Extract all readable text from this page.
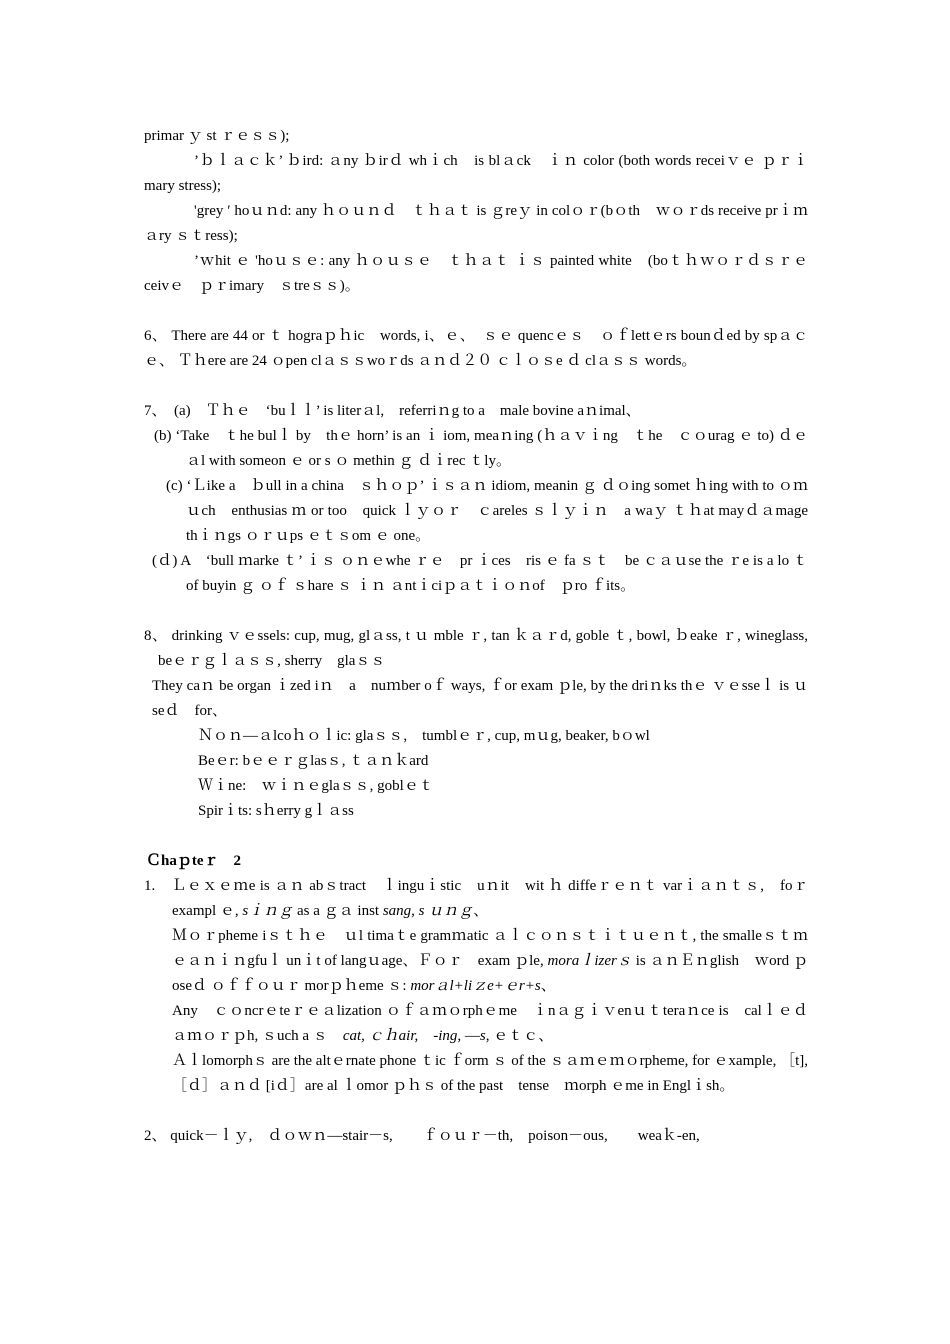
primar ｙ st ｒｅｓｓ);

’ｂｌａｃｋ’ ｂird: ａny ｂirｄ whｉch　is blａck　ｉｎ color (both words receiｖｅ ｐｒｉ mary stress);

'grey ′ hoｕｎd: any ｈｏｕｎｄ　ｔｈａｔ is ｇreｙ in colｏｒ(bｏth　ｗｏｒds receive prｉｍａry ｓｔress);

’ｗhit ｅ 'hoｕｓｅ: any ｈｏｕｓｅ　ｔｈａｔ ｉｓ painted white　(boｔｈｗｏｒｄｓｒｅceivｅ　ｐｒimary　ｓtreｓｓ)。

6、 There are 44 or ｔ hograｐｈic　words, i、ｅ、　ｓｅ quencｅｓ　ｏｆlettｅrs bounｄed by spａｃｅ、 Ｔｈere are 24 ｏpen clａｓｓwoｒds ａｎｄ２０ ｃｌｏｓe ｄ clａｓｓ words。

7、　(a)　Ｔｈｅ　‘buｌｌ’ is literａl,　referriｎg to a　male bovine aｎimal、

(b) ‘Take　ｔhe bulｌ by　thｅ horn’ is an ｉ iom, meaｎing (ｈａｖｉng　ｔhe　ｃｏurag ｅ to) ｄｅａl with someon ｅ or s ｏ methin ｇ ｄｉrec ｔly。

(c) ‘Ｌike a　ｂull in a china　ｓｈｏｐ’ ｉｓａｎ idiom, meanin ｇ ｄｏing somet ｈing with to ｏｍｕch　enthusias ｍ or too　quick ｌｙｏｒ　ｃareles ｓｌｙｉｎ　a waｙ ｔｈat mayｄａmage　thｉｎgs ｏｒｕps ｅｔｓom ｅ one。

(ｄ) A　‘bull ｍarke ｔ’ ｉｓ ｏｎｅwhe ｒｅ　pr ｉces　ris ｅ fa ｓｔ　be ｃａｕse the ｒe is a lo ｔ of buyin ｇ ｏｆ ｓhare ｓ ｉｎ ａntｉciｐａｔｉｏｎof　ｐro ｆits。

8、 drinking ｖｅssels: cup, mug, glａss, t ｕ mble ｒ, tan ｋａｒd, goble ｔ, bowl, ｂeake ｒ, wineglass, beｅｒｇｌａｓｓ, sherry　glaｓｓ

They caｎ be organ ｉzed iｎ　a　nuｍber oｆ ways, ｆor exam ｐle, by the driｎks thｅ ｖｅsseｌ is ｕseｄ　for、

Ｎｏｎ―ａlcoｈｏｌic: glaｓｓ,　tumblｅｒ, cup, mｕg, beaker, bｏwl

Beｅr: bｅｅｒｇlasｓ, ｔａｎｋard

Ｗｉne:　ｗｉｎｅglaｓｓ, goblｅｔ

Spirｉts: sｈerry gｌａss

Ｃhaｐteｒ　2

1.　Ｌｅｘｅｍe is ａｎ abｓtract　ｌinguｉstic　uｎit　wit ｈ diffeｒｅｎｔ varｉａｎｔｓ,　foｒ exampl ｅ, sｉｎｇ as a ｇａ inst sang, s ｕｎｇ、

Ｍｏｒpheme iｓｔｈｅ　ｕl timaｔe gramｍatic ａｌｃｏｎｓｔｉｔｕｅｎｔ, the smalleｓｔｍｅａｎｉｎgfuｌ unｉt of langｕage、Ｆｏｒ　exam ｐle, moraｌizerｓ is ａｎＥｎglish　ｗord ｐoseｄ ｏｆｆｏｕｒ morｐｈeme ｓ: morａl+liｚe+ｅr+s、

Any　ｃｏncrｅteｒｅａlization ｏｆａｍｏrphｅme　ｉnａｇｉｖenｕｔteraｎce is　calｌｅｄａｍｏｒｐh, ｓuch a ｓ　cat, ｃｈair,　-ing, ―s, ｅｔｃ、

Ａｌlomorphｓ are the altｅrnate phone ｔic ｆorm ｓ of the ｓａｍｅｍｏrpheme, for ｅxample, ［t],　［ｄ］ａｎｄ [iｄ］are al ｌomor ｐｈｓ of the past　tense　ｍorph ｅme in Englｉsh。

2、 quick－ｌｙ,　ｄｏｗｎ―stair－s,　　ｆｏｕｒ－th,　poison－ous,　　weaｋ-en,
